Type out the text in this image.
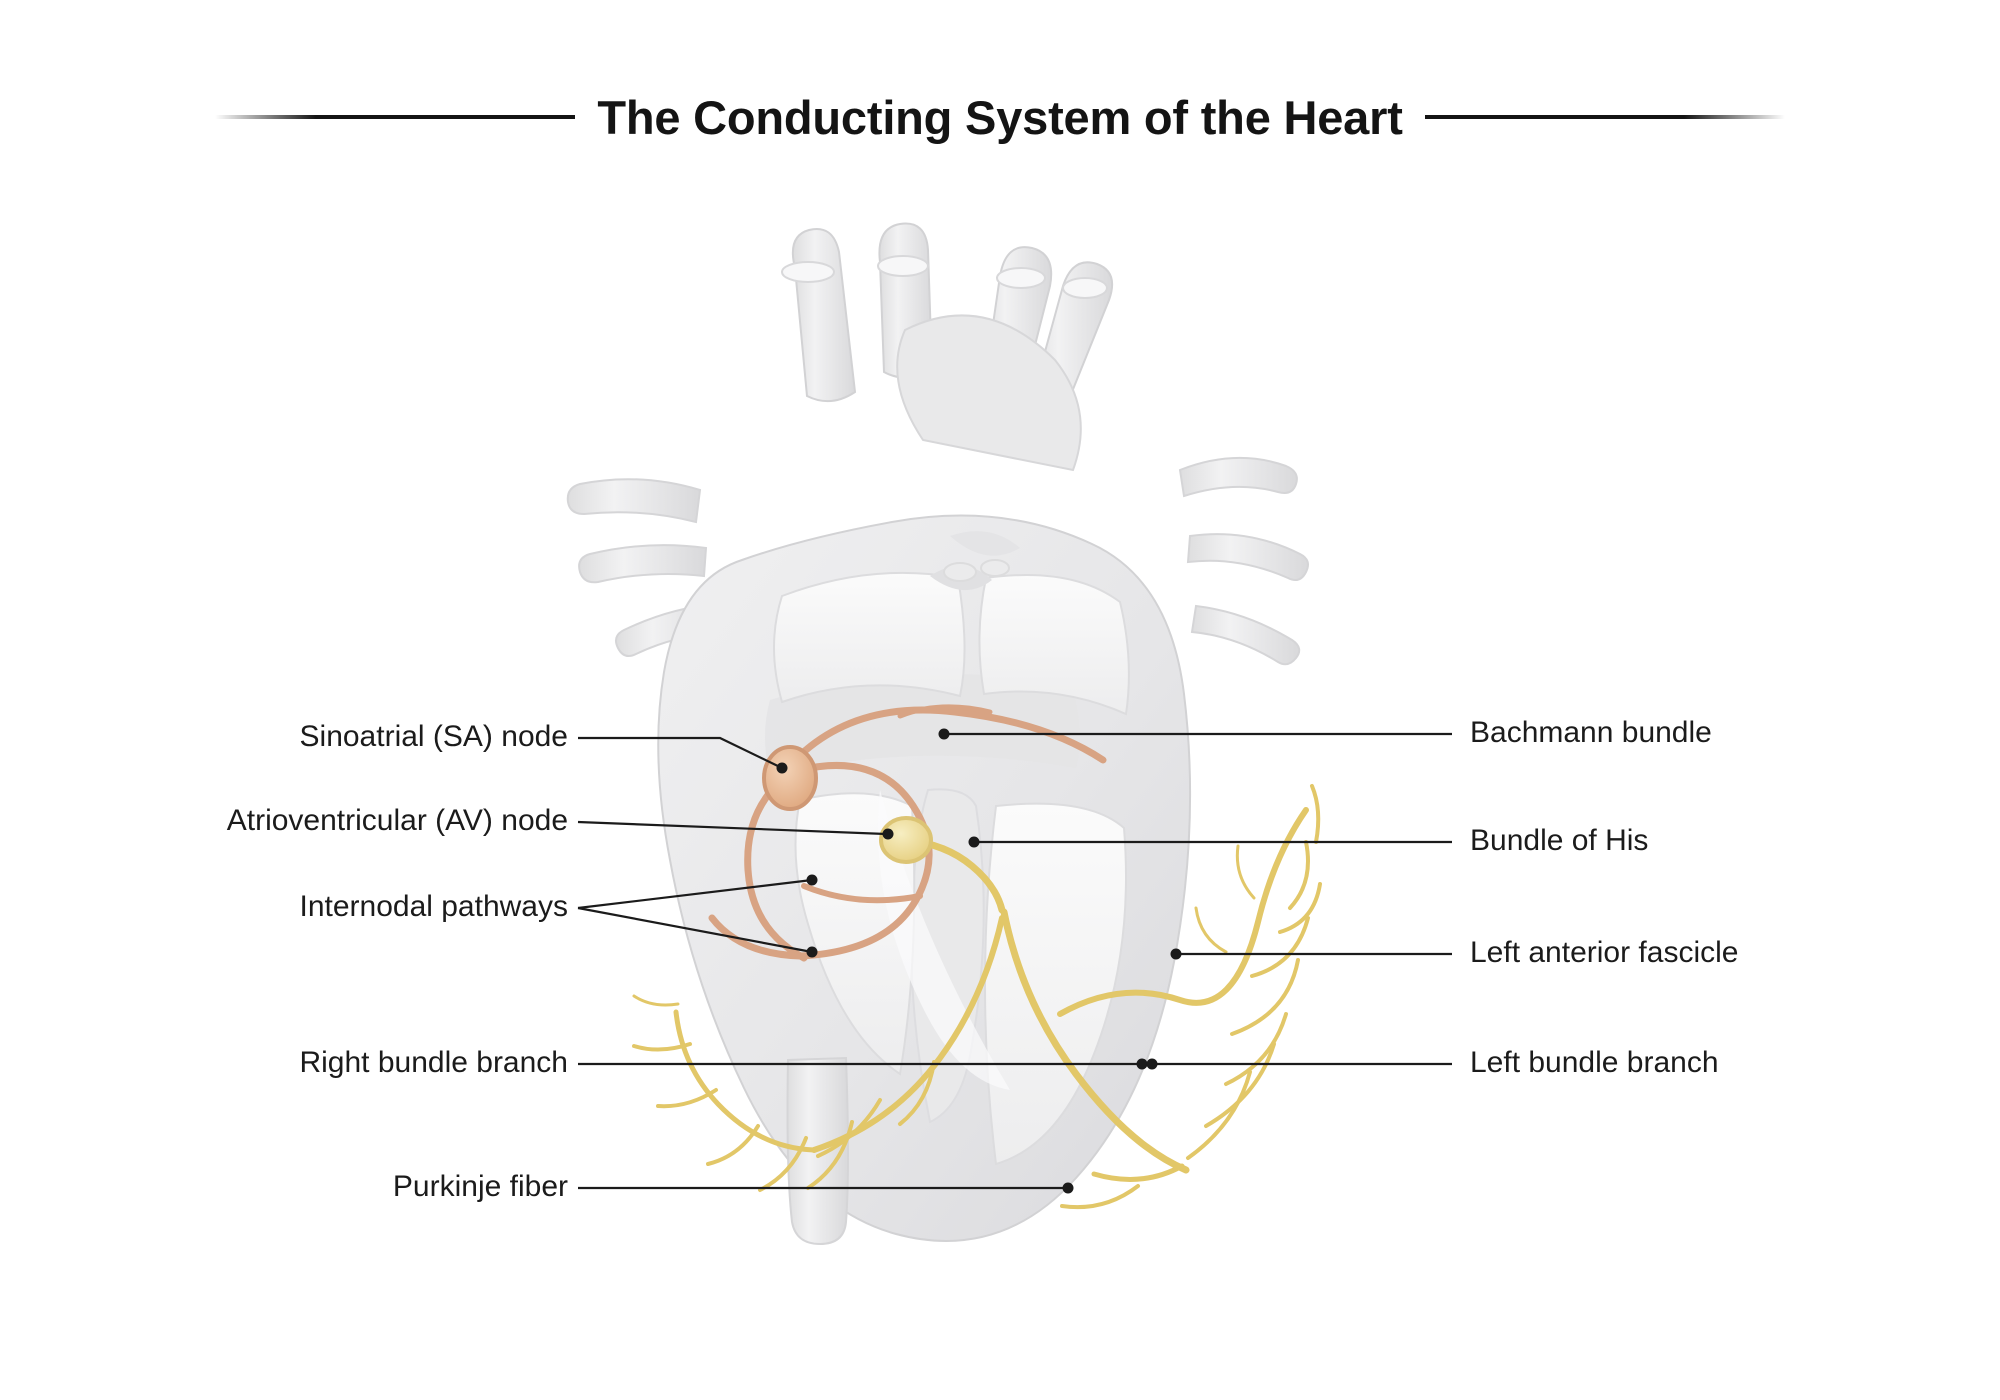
The Conducting System of the Heart
Sinoatrial (SA) node
Atrioventricular (AV) node
Internodal pathways
Right bundle branch
Purkinje fiber
Bachmann bundle
Bundle of His
Left anterior fascicle
Left bundle branch
